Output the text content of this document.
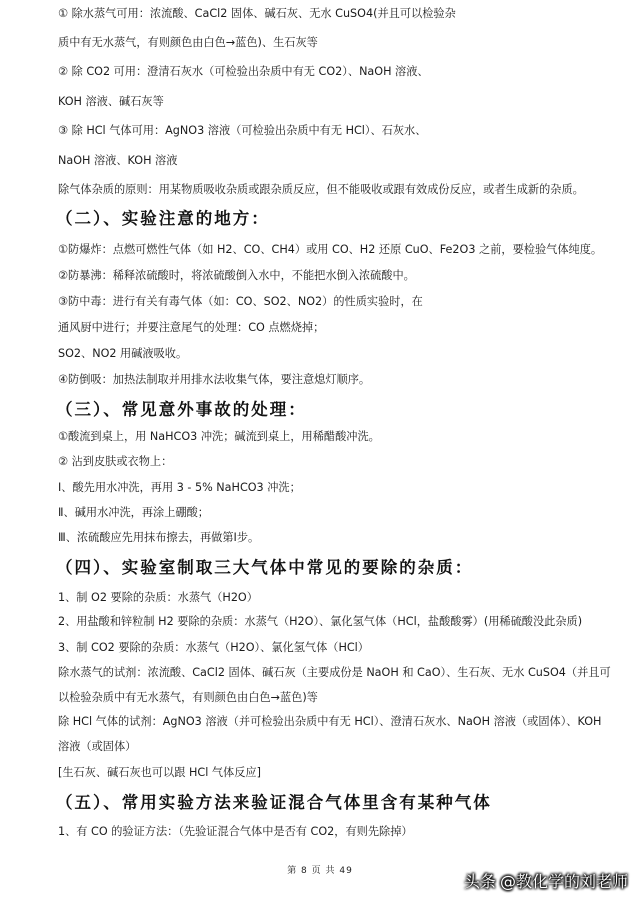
① 除水蒸气可用：浓流酸、CaCl2 固体、碱石灰、无水 CuSO4(并且可以检验杂
质中有无水蒸气，有则颜色由白色→蓝色)、生石灰等
② 除 CO2 可用：澄清石灰水（可检验出杂质中有无 CO2）、NaOH 溶液、
KOH 溶液、碱石灰等
③ 除 HCl 气体可用：AgNO3 溶液（可检验出杂质中有无 HCl）、石灰水、
NaOH 溶液、KOH 溶液
除气体杂质的原则：用某物质吸收杂质或跟杂质反应，但不能吸收或跟有效成份反应，或者生成新的杂质。
（二）、实验注意的地方：
①防爆炸：点燃可燃性气体（如 H2、CO、CH4）或用 CO、H2 还原 CuO、Fe2O3 之前，要检验气体纯度。
②防暴沸：稀释浓硫酸时，将浓硫酸倒入水中，不能把水倒入浓硫酸中。
③防中毒：进行有关有毒气体（如：CO、SO2、NO2）的性质实验时，在
通风厨中进行；并要注意尾气的处理：CO 点燃烧掉；
SO2、NO2 用碱液吸收。
④防倒吸：加热法制取并用排水法收集气体，要注意熄灯顺序。
（三）、常见意外事故的处理：
①酸流到桌上，用 NaHCO3 冲洗；碱流到桌上，用稀醋酸冲洗。
② 沾到皮肤或衣物上：
Ⅰ、酸先用水冲洗，再用 3 - 5% NaHCO3 冲洗；
Ⅱ、碱用水冲洗，再涂上硼酸；
Ⅲ、浓硫酸应先用抹布擦去，再做第Ⅰ步。
（四）、实验室制取三大气体中常见的要除的杂质：
1、制 O2 要除的杂质：水蒸气（H2O）
2、用盐酸和锌粒制 H2 要除的杂质：水蒸气（H2O）、氯化氢气体（HCl，盐酸酸雾）(用稀硫酸没此杂质)
3、制 CO2 要除的杂质：水蒸气（H2O）、氯化氢气体（HCl）
除水蒸气的试剂：浓流酸、CaCl2 固体、碱石灰（主要成份是 NaOH 和 CaO）、生石灰、无水 CuSO4（并且可
以检验杂质中有无水蒸气，有则颜色由白色→蓝色)等
除 HCl 气体的试剂：AgNO3 溶液（并可检验出杂质中有无 HCl）、澄清石灰水、NaOH 溶液（或固体）、KOH
溶液（或固体）
[生石灰、碱石灰也可以跟 HCl 气体反应]
（五）、常用实验方法来验证混合气体里含有某种气体
1、有 CO 的验证方法：（先验证混合气体中是否有 CO2，有则先除掉）
第 8 页 共 49
头条 @教化学的刘老师
